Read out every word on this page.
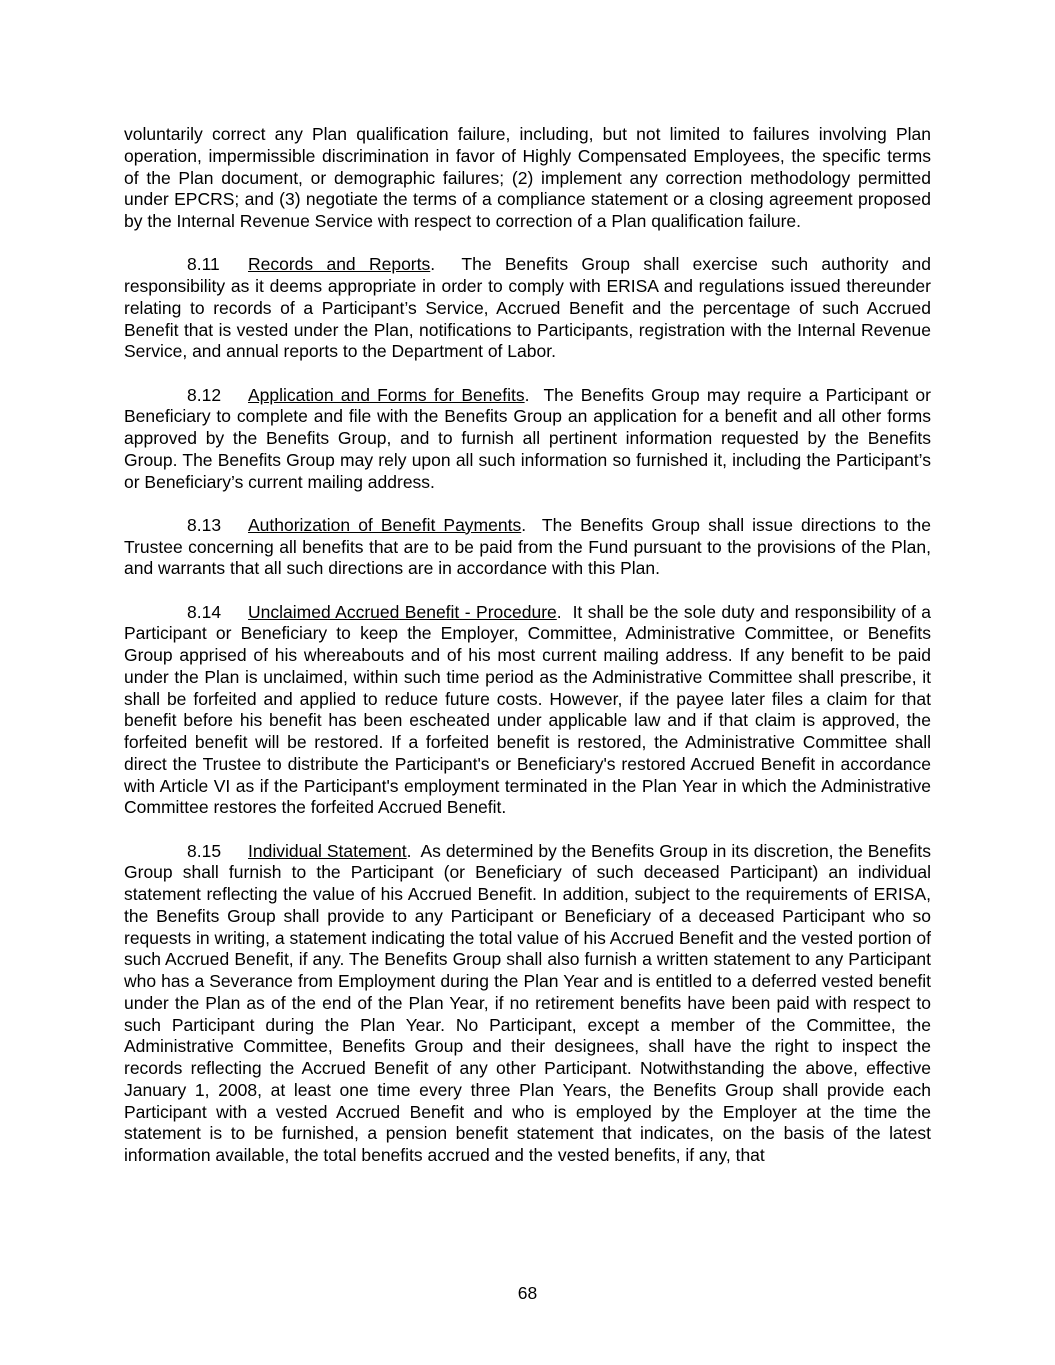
voluntarily correct any Plan qualification failure, including, but not limited to failures involving Plan operation, impermissible discrimination in favor of Highly Compensated Employees, the specific terms of the Plan document, or demographic failures; (2) implement any correction methodology permitted under EPCRS; and (3) negotiate the terms of a compliance statement or a closing agreement proposed by the Internal Revenue Service with respect to correction of a Plan qualification failure.

8.11 Records and Reports.  The Benefits Group shall exercise such authority and responsibility as it deems appropriate in order to comply with ERISA and regulations issued thereunder relating to records of a Participant’s Service, Accrued Benefit and the percentage of such Accrued Benefit that is vested under the Plan, notifications to Participants, registration with the Internal Revenue Service, and annual reports to the Department of Labor.

8.12 Application and Forms for Benefits.  The Benefits Group may require a Participant or Beneficiary to complete and file with the Benefits Group an application for a benefit and all other forms approved by the Benefits Group, and to furnish all pertinent information requested by the Benefits Group. The Benefits Group may rely upon all such information so furnished it, including the Participant’s or Beneficiary’s current mailing address.

8.13 Authorization of Benefit Payments.  The Benefits Group shall issue directions to the Trustee concerning all benefits that are to be paid from the Fund pursuant to the provisions of the Plan, and warrants that all such directions are in accordance with this Plan.

8.14 Unclaimed Accrued Benefit - Procedure.  It shall be the sole duty and responsibility of a Participant or Beneficiary to keep the Employer, Committee, Administrative Committee, or Benefits Group apprised of his whereabouts and of his most current mailing address. If any benefit to be paid under the Plan is unclaimed, within such time period as the Administrative Committee shall prescribe, it shall be forfeited and applied to reduce future costs. However, if the payee later files a claim for that benefit before his benefit has been escheated under applicable law and if that claim is approved, the forfeited benefit will be restored. If a forfeited benefit is restored, the Administrative Committee shall direct the Trustee to distribute the Participant's or Beneficiary's restored Accrued Benefit in accordance with Article VI as if the Participant's employment terminated in the Plan Year in which the Administrative Committee restores the forfeited Accrued Benefit.

8.15 Individual Statement.  As determined by the Benefits Group in its discretion, the Benefits Group shall furnish to the Participant (or Beneficiary of such deceased Participant) an individual statement reflecting the value of his Accrued Benefit. In addition, subject to the requirements of ERISA, the Benefits Group shall provide to any Participant or Beneficiary of a deceased Participant who so requests in writing, a statement indicating the total value of his Accrued Benefit and the vested portion of such Accrued Benefit, if any. The Benefits Group shall also furnish a written statement to any Participant who has a Severance from Employment during the Plan Year and is entitled to a deferred vested benefit under the Plan as of the end of the Plan Year, if no retirement benefits have been paid with respect to such Participant during the Plan Year. No Participant, except a member of the Committee, the Administrative Committee, Benefits Group and their designees, shall have the right to inspect the records reflecting the Accrued Benefit of any other Participant. Notwithstanding the above, effective January 1, 2008, at least one time every three Plan Years, the Benefits Group shall provide each Participant with a vested Accrued Benefit and who is employed by the Employer at the time the statement is to be furnished, a pension benefit statement that indicates, on the basis of the latest information available, the total benefits accrued and the vested benefits, if any, that

68
